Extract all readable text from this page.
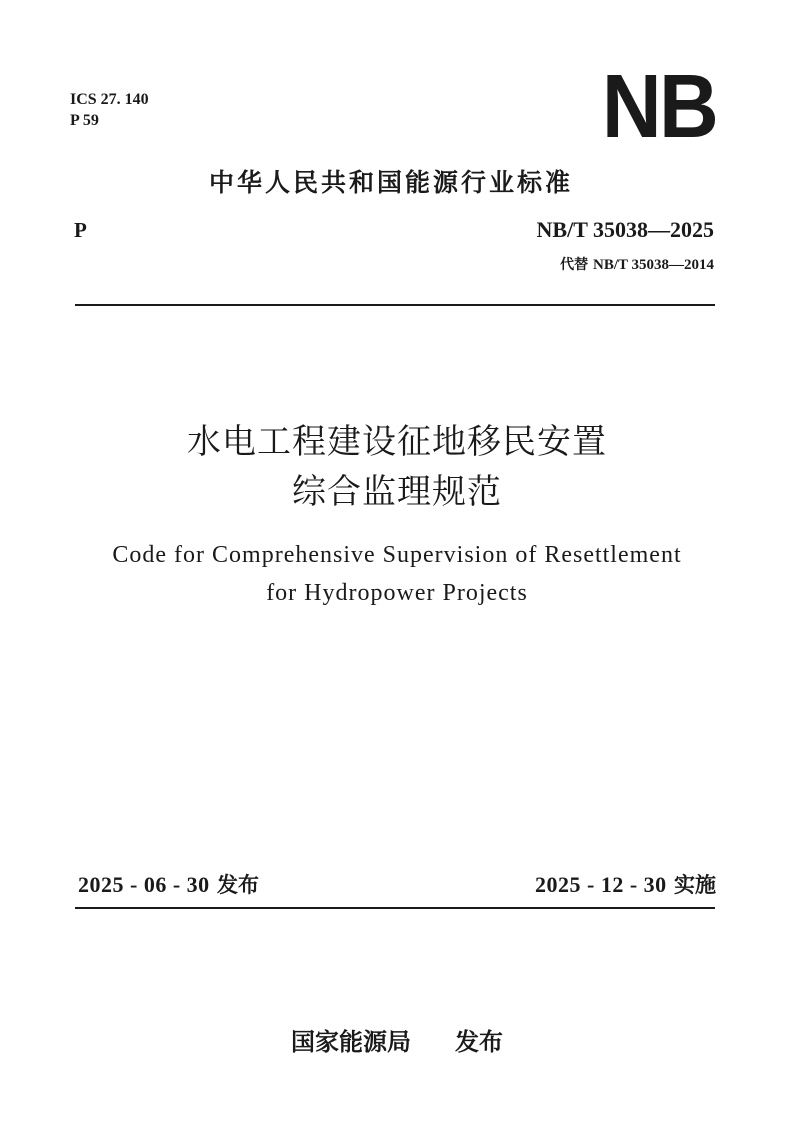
ICS 27. 140
P 59	NB
中华人民共和国能源行业标准
P	NB/T 35038—2025
代替 NB/T 35038—2014
水电工程建设征地移民安置
综合监理规范
Code for Comprehensive Supervision of Resettlement
for Hydropower Projects
2025 - 06 - 30 发布	2025 - 12 - 30 实施
国家能源局 发布
